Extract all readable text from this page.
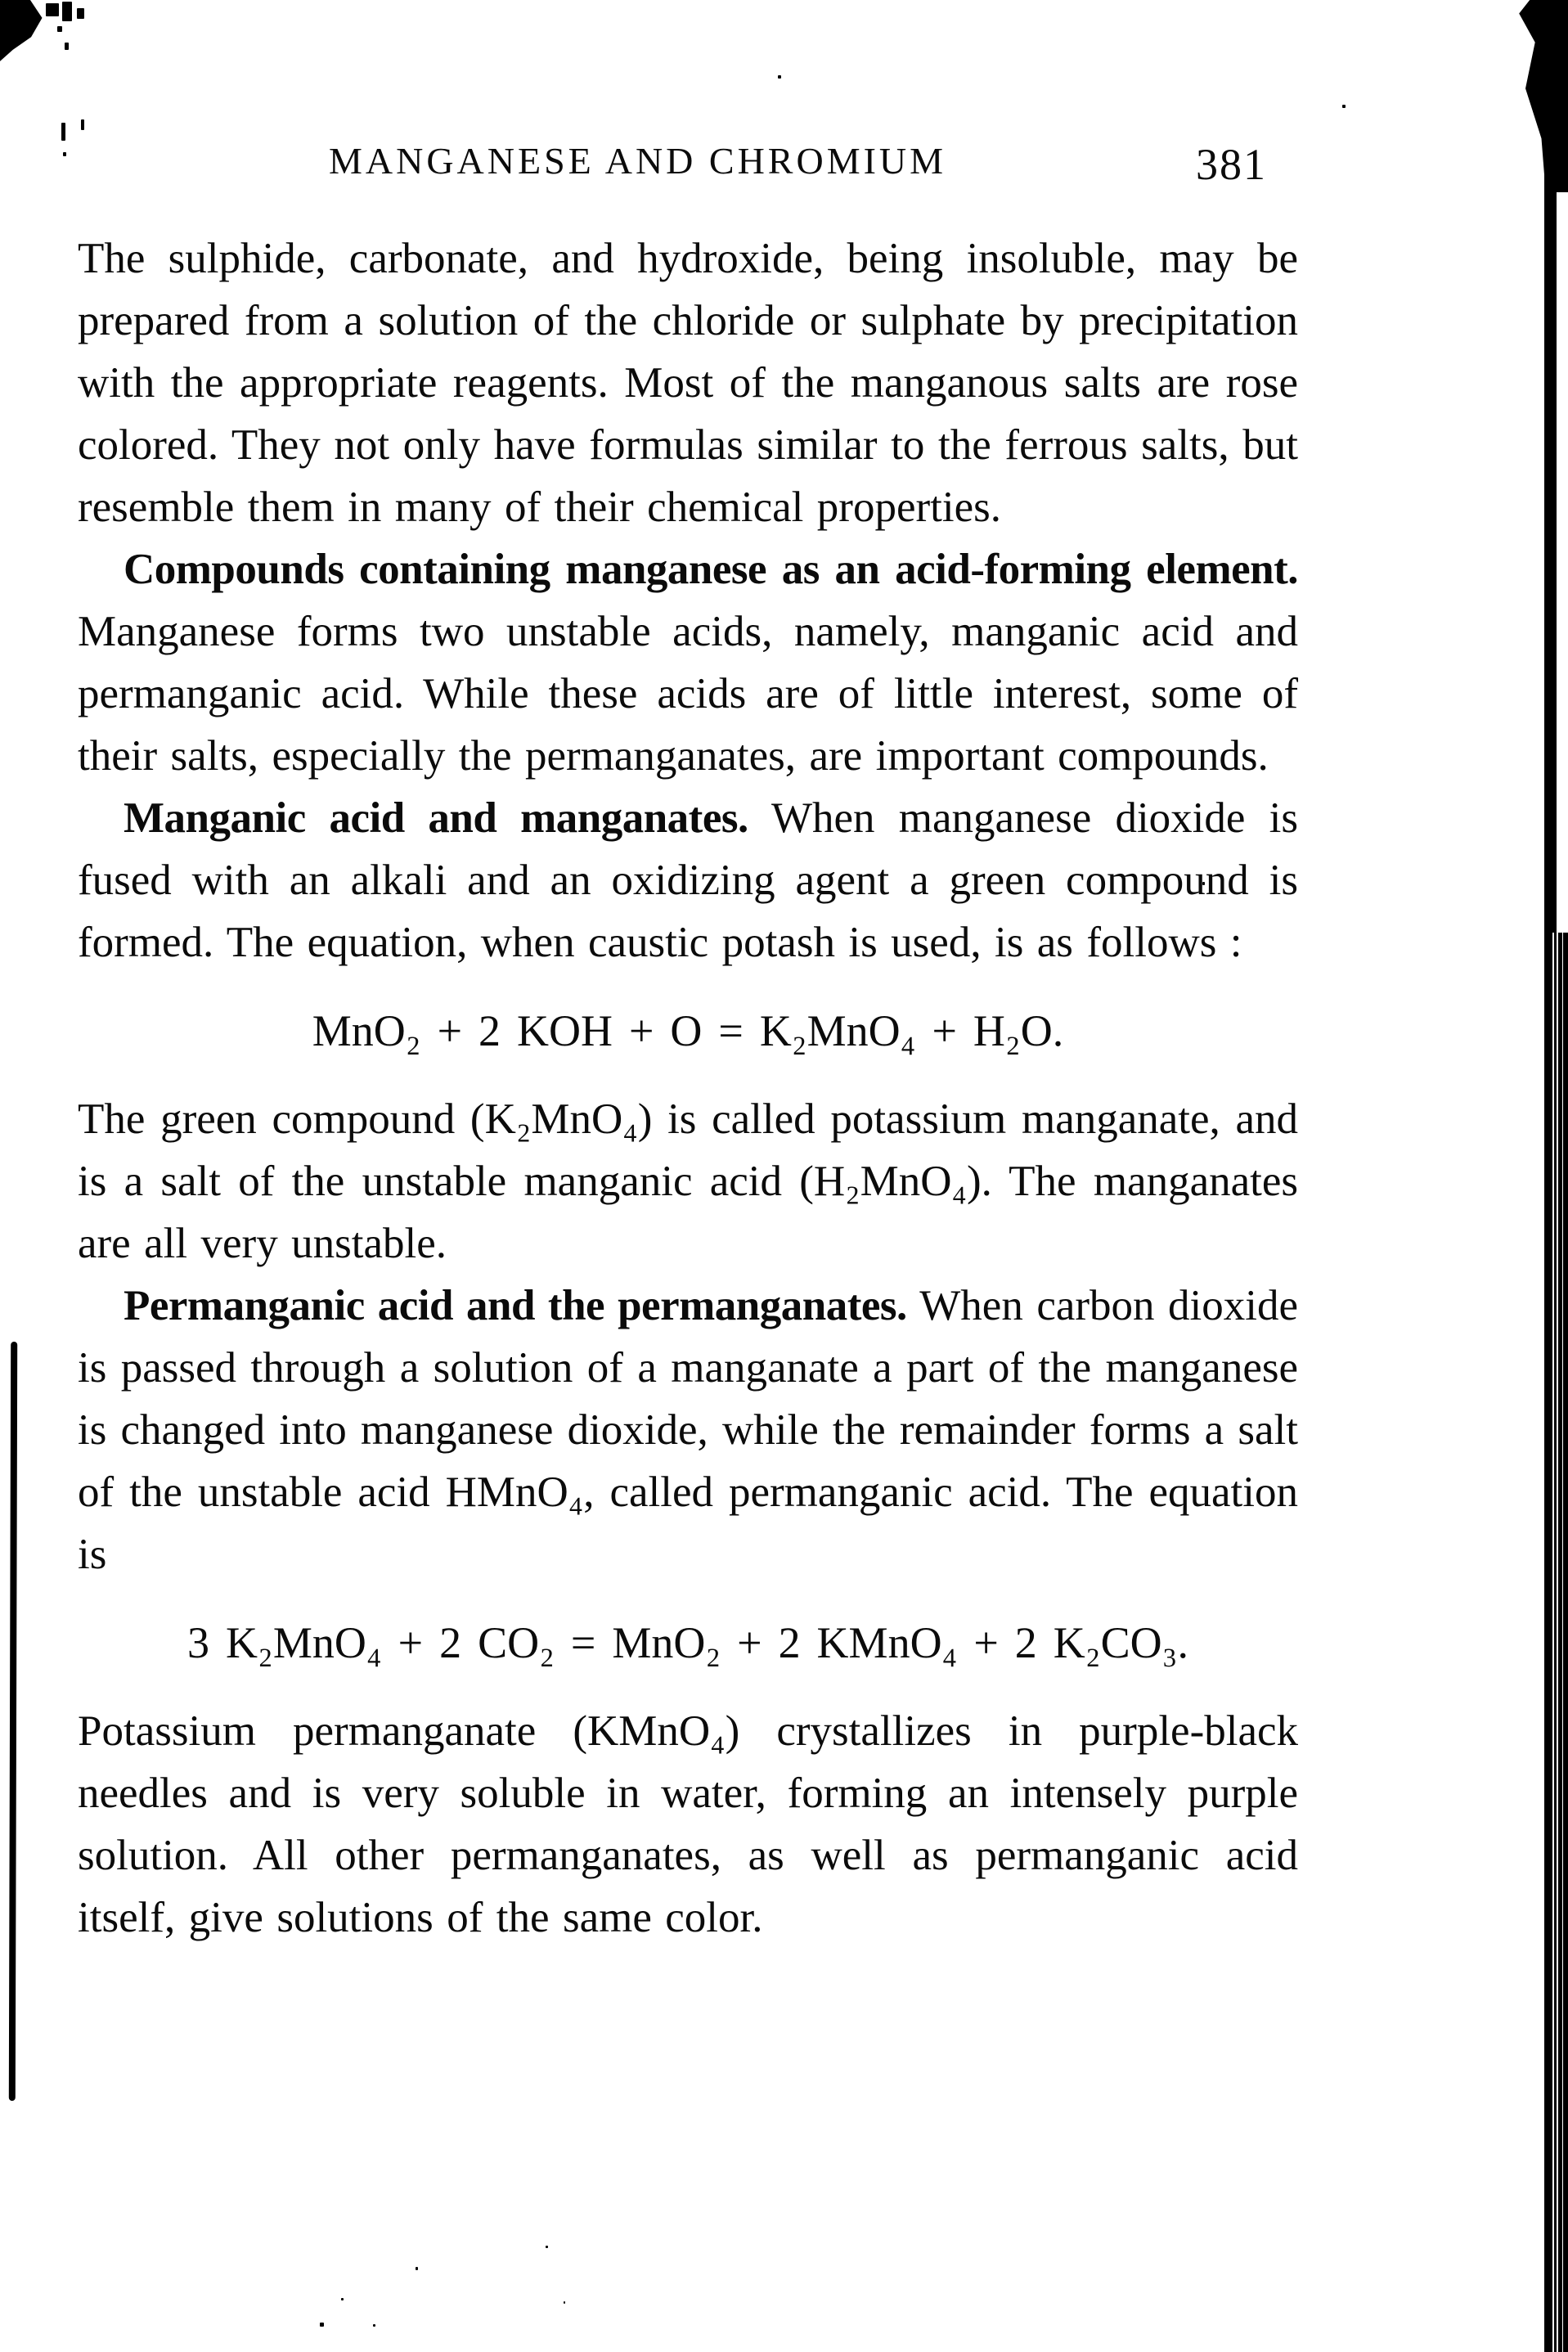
MANGANESE AND CHROMIUM	381

The sulphide, carbonate, and hydroxide, being insoluble, may be prepared from a solution of the chloride or sulphate by precipitation with the appropriate reagents. Most of the manganous salts are rose colored. They not only have formulas similar to the ferrous salts, but resemble them in many of their chemical properties.

Compounds containing manganese as an acid-forming element. Manganese forms two unstable acids, namely, manganic acid and permanganic acid. While these acids are of little interest, some of their salts, especially the permanganates, are important compounds.

Manganic acid and manganates. When manganese dioxide is fused with an alkali and an oxidizing agent a green compound is formed. The equation, when caustic potash is used, is as follows :

MnO₂ + 2 KOH + O = K₂MnO₄ + H₂O.

The green compound (K₂MnO₄) is called potassium manganate, and is a salt of the unstable manganic acid (H₂MnO₄). The manganates are all very unstable.

Permanganic acid and the permanganates. When carbon dioxide is passed through a solution of a manganate a part of the manganese is changed into manganese dioxide, while the remainder forms a salt of the unstable acid HMnO₄, called permanganic acid. The equation is

3 K₂MnO₄ + 2 CO₂ = MnO₂ + 2 KMnO₄ + 2 K₂CO₃.

Potassium permanganate (KMnO₄) crystallizes in purple-black needles and is very soluble in water, forming an intensely purple solution. All other permanganates, as well as permanganic acid itself, give solutions of the same color.
